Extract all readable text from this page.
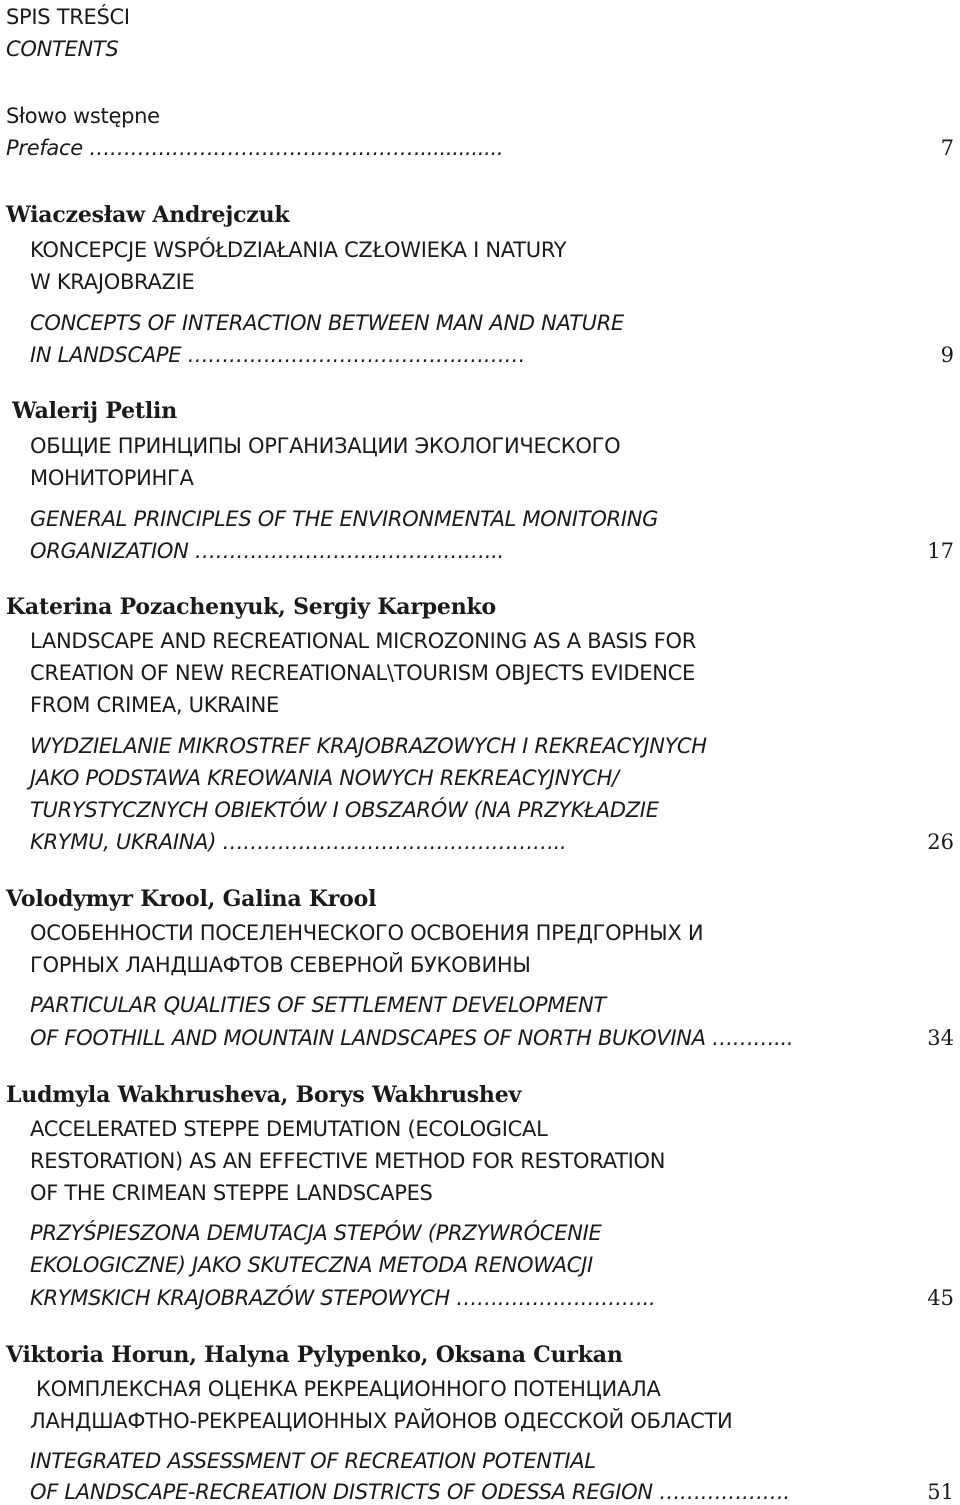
SPIS TREŚCI
CONTENTS
Słowo wstępne
Preface ………………………………………….............	7
Wiaczesław Andrejczuk
KONCEPCJE WSPÓŁDZIAŁANIA CZŁOWIEKA I NATURY
W KRAJOBRAZIE
CONCEPTS OF INTERACTION BETWEEN MAN AND NATURE
IN LANDSCAPE ………………………………….………	9
Walerij Petlin
ОБЩИЕ ПРИНЦИПЫ ОРГАНИЗАЦИИ ЭКОЛОГИЧЕСКОГО
МОНИТОРИНГА
GENERAL PRINCIPLES OF THE ENVIRONMENTAL MONITORING
ORGANIZATION ……………………………………...	17
Katerina Pozachenyuk, Sergiy Karpenko
LANDSCAPE AND RECREATIONAL MICROZONING AS A BASIS FOR
CREATION OF NEW RECREATIONAL\TOURISM OBJECTS EVIDENCE
FROM CRIMEA, UKRAINE
WYDZIELANIE MIKROSTREF KRAJOBRAZOWYCH I REKREACYJNYCH
JAKO PODSTAWA KREOWANIA NOWYCH REKREACYJNYCH/
TURYSTYCZNYCH OBIEKTÓW I OBSZARÓW (NA PRZYKŁADZIE
KRYMU, UKRAINA) …………………………………………..	26
Volodymyr Krool, Galina Krool
ОСОБЕННОСТИ ПОСЕЛЕНЧЕСКОГО ОСВОЕНИЯ ПРЕДГОРНЫХ И
ГОРНЫХ ЛАНДШАФТОВ СЕВЕРНОЙ БУКОВИНЫ
PARTICULAR QUALITIES OF SETTLEMENT DEVELOPMENT
OF FOOTHILL AND MOUNTAIN LANDSCAPES OF NORTH BUKOVINA ………...	34
Ludmyla Wakhrusheva, Borys Wakhrushev
ACCELERATED STEPPE DEMUTATION (ECOLOGICAL
RESTORATION) AS AN EFFECTIVE METHOD FOR RESTORATION
OF THE CRIMEAN STEPPE LANDSCAPES
PRZYŚPIESZONA DEMUTACJA STEPÓW (PRZYWRÓCENIE
EKOLOGICZNE) JAKO SKUTECZNA METODA RENOWACJI
KRYMSKICH KRAJOBRAZÓW STEPOWYCH ………………………..	45
Viktoria Horun, Halyna Pylypenko, Oksana Curkan
КОМПЛЕКСНАЯ ОЦЕНКА РЕКРЕАЦИОННОГО ПОТЕНЦИАЛА
ЛАНДШАФТНО-РЕКРЕАЦИОННЫХ РАЙОНОВ ОДЕССКОЙ ОБЛАСТИ
INTEGRATED ASSESSMENT OF RECREATION POTENTIAL
OF LANDSCAPE-RECREATION DISTRICTS OF ODESSA REGION ……………….	51
